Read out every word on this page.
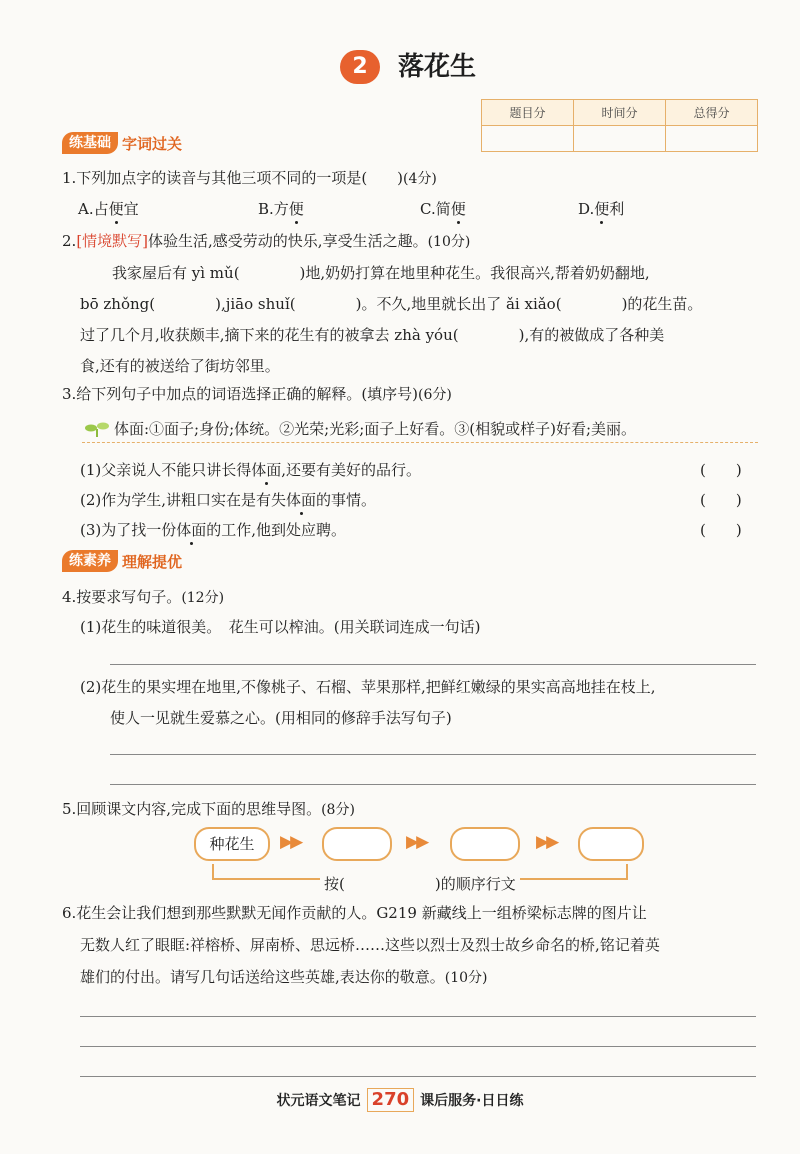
2	落花生
题目分	时间分	总得分

练基础 字词过关
1.下列加点字的读音与其他三项不同的一项是(　　)(4分)
A.占便宜	B.方便	C.简便	D.便利
2.[情境默写]体验生活,感受劳动的快乐,享受生活之趣。(10分)
我家屋后有 yì mǔ(　　　　)地,奶奶打算在地里种花生。我很高兴,帮着奶奶翻地,
bō zhǒng(　　　　),jiāo shuǐ(　　　　)。不久,地里就长出了 ǎi xiǎo(　　　　)的花生苗。
过了几个月,收获颇丰,摘下来的花生有的被拿去 zhà yóu(　　　　),有的被做成了各种美
食,还有的被送给了街坊邻里。
3.给下列句子中加点的词语选择正确的解释。(填序号)(6分)
体面:①面子;身份;体统。②光荣;光彩;面子上好看。③(相貌或样子)好看;美丽。
(1)父亲说人不能只讲长得体面,还要有美好的品行。	(　　)
(2)作为学生,讲粗口实在是有失体面的事情。	(　　)
(3)为了找一份体面的工作,他到处应聘。	(　　)
练素养 理解提优
4.按要求写句子。(12分)
(1)花生的味道很美。　花生可以榨油。(用关联词连成一句话)
(2)花生的果实埋在地里,不像桃子、石榴、苹果那样,把鲜红嫩绿的果实高高地挂在枝上,
使人一见就生爱慕之心。(用相同的修辞手法写句子)
5.回顾课文内容,完成下面的思维导图。(8分)
种花生	▶▶	▶▶	▶▶
按(　　　　　　)的顺序行文
6.花生会让我们想到那些默默无闻作贡献的人。G219 新藏线上一组桥梁标志牌的图片让
无数人红了眼眶:祥榕桥、屏南桥、思远桥……这些以烈士及烈士故乡命名的桥,铭记着英
雄们的付出。请写几句话送给这些英雄,表达你的敬意。(10分)
状元语文笔记 270 课后服务·日日练
